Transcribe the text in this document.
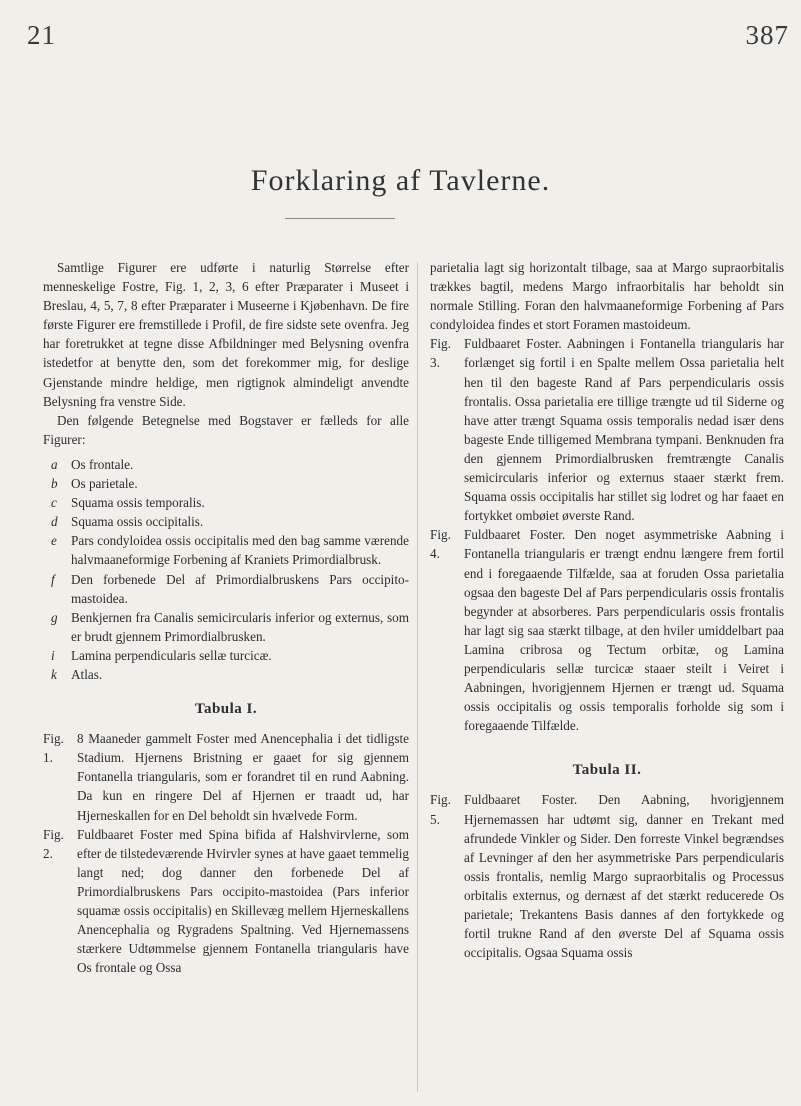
21	387
Forklaring af Tavlerne.

Samtlige Figurer ere udførte i naturlig Størrelse efter menneskelige Fostre, Fig. 1, 2, 3, 6 efter Præparater i Museet i Breslau, 4, 5, 7, 8 efter Præparater i Museerne i Kjøbenhavn. De fire første Figurer ere fremstillede i Profil, de fire sidste sete ovenfra. Jeg har foretrukket at tegne disse Afbildninger med Belysning ovenfra istedetfor at benytte den, som det forekommer mig, for deslige Gjenstande mindre heldige, men rigtignok almindeligt anvendte Belysning fra venstre Side.

Den følgende Betegnelse med Bogstaver er fælleds for alle Figurer:

a	Os frontale.
b	Os parietale.
c	Squama ossis temporalis.
d	Squama ossis occipitalis.
e	Pars condyloidea ossis occipitalis med den bag samme værende halvmaaneformige Forbening af Kraniets Primordialbrusk.
f	Den forbenede Del af Primordialbruskens Pars occipito-mastoidea.
g	Benkjernen fra Canalis semicircularis inferior og externus, som er brudt gjennem Primordialbrusken.
i	Lamina perpendicularis sellæ turcicæ.
k	Atlas.
Tabula I.
Fig. 1.
8 Maaneder gammelt Foster med Anencephalia i det tidligste Stadium. Hjernens Bristning er gaaet for sig gjennem Fontanella triangularis, som er forandret til en rund Aabning. Da kun en ringere Del af Hjernen er traadt ud, har Hjerneskallen for en Del beholdt sin hvælvede Form.
Fig. 2.
Fuldbaaret Foster med Spina bifida af Halshvirvlerne, som efter de tilstedeværende Hvirvler synes at have gaaet temmelig langt ned; dog danner den forbenede Del af Primordialbruskens Pars occipito-mastoidea (Pars inferior squamæ ossis occipitalis) en Skillevæg mellem Hjerneskallens Anencephalia og Rygradens Spaltning. Ved Hjernemassens stærkere Udtømmelse gjennem Fontanella triangularis have Os frontale og Ossa

parietalia lagt sig horizontalt tilbage, saa at Margo supraorbitalis trækkes bagtil, medens Margo infraorbitalis har beholdt sin normale Stilling. Foran den halvmaaneformige Forbening af Pars condyloidea findes et stort Foramen mastoideum.

Fig. 3.
Fuldbaaret Foster. Aabningen i Fontanella triangularis har forlænget sig fortil i en Spalte mellem Ossa parietalia helt hen til den bageste Rand af Pars perpendicularis ossis frontalis. Ossa parietalia ere tillige trængte ud til Siderne og have atter trængt Squama ossis temporalis nedad især dens bageste Ende tilligemed Membrana tympani. Benknuden fra den gjennem Primordialbrusken fremtrængte Canalis semicircularis inferior og externus staaer stærkt frem. Squama ossis occipitalis har stillet sig lodret og har faaet en fortykket ombøiet øverste Rand.
Fig. 4.
Fuldbaaret Foster. Den noget asymmetriske Aabning i Fontanella triangularis er trængt endnu længere frem fortil end i foregaaende Tilfælde, saa at foruden Ossa parietalia ogsaa den bageste Del af Pars perpendicularis ossis frontalis begynder at absorberes. Pars perpendicularis ossis frontalis har lagt sig saa stærkt tilbage, at den hviler umiddelbart paa Lamina cribrosa og Tectum orbitæ, og Lamina perpendicularis sellæ turcicæ staaer steilt i Veiret i Aabningen, hvorigjennem Hjernen er trængt ud. Squama ossis occipitalis og ossis temporalis forholde sig som i foregaaende Tilfælde.
Tabula II.
Fig. 5.
Fuldbaaret Foster. Den Aabning, hvorigjennem Hjernemassen har udtømt sig, danner en Trekant med afrundede Vinkler og Sider. Den forreste Vinkel begrændses af Levninger af den her asymmetriske Pars perpendicularis ossis frontalis, nemlig Margo supraorbitalis og Processus orbitalis externus, og dernæst af det stærkt reducerede Os parietale; Trekantens Basis dannes af den fortykkede og fortil trukne Rand af den øverste Del af Squama ossis occipitalis. Ogsaa Squama ossis
